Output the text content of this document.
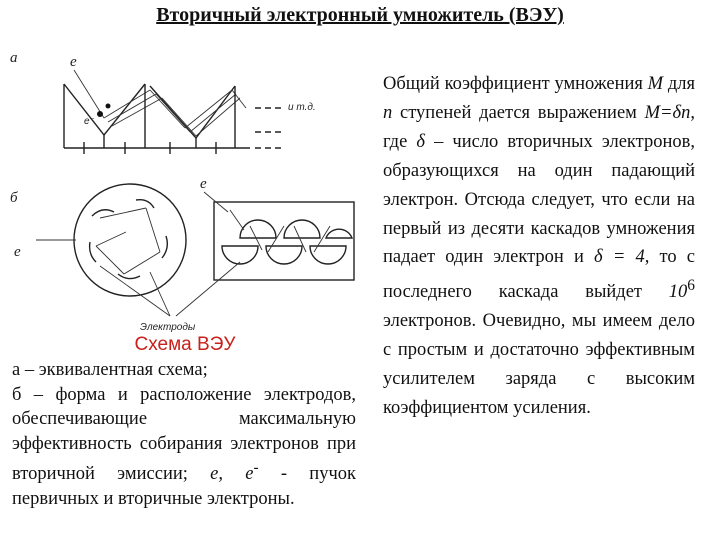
Вторичный электронный умножитель (ВЭУ)
а	е
e⁻
и т.д.
б
е
е
Электроды
Схема ВЭУ

а – эквивалентная схема;

б – форма и расположение электродов, обеспечивающие максимальную эффективность собирания электронов при вторичной эмиссии; е, е- - пучок первичных и вторичные электроны.

Общий коэффициент умножения М для n ступеней дается выражением М=δn, где δ – число вторичных электронов, образующихся на один падающий электрон. Отсюда следует, что если на первый из десяти каскадов умножения падает один электрон и δ = 4, то с последнего каскада выйдет $10^6$ электронов. Очевидно, мы имеем дело с простым и достаточно эффективным усилителем заряда с высоким коэффициентом усиления.
